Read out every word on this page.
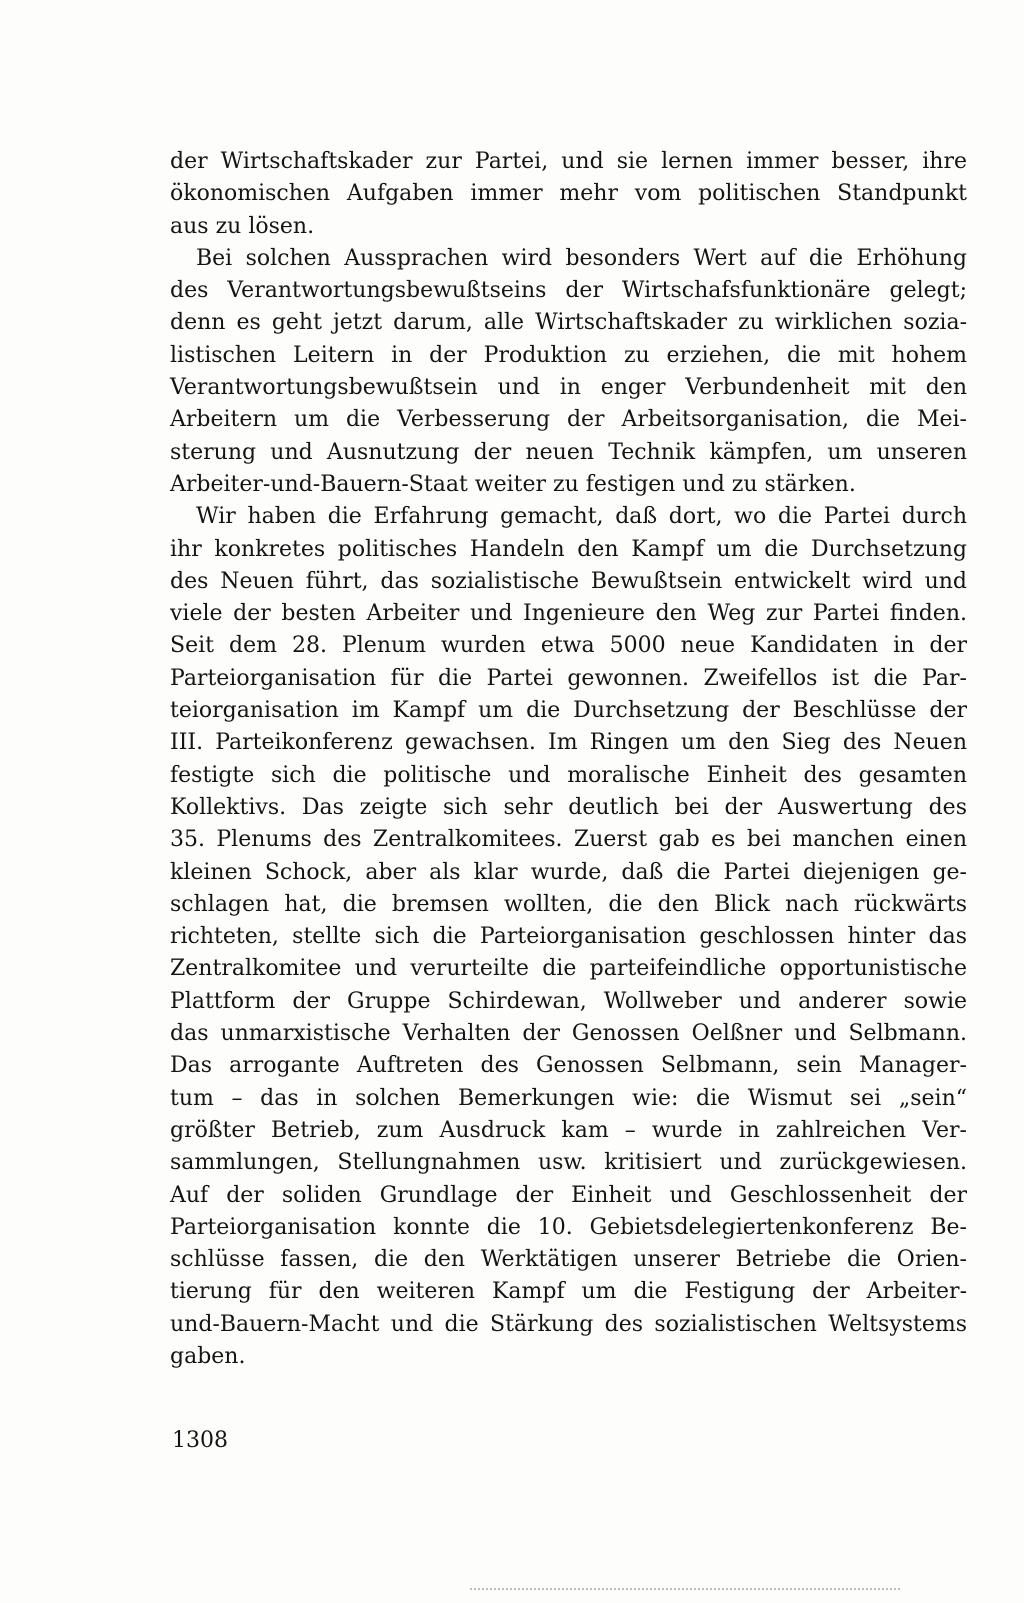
der Wirtschaftskader zur Partei, und sie lernen immer besser, ihre
ökonomischen Aufgaben immer mehr vom politischen Standpunkt
aus zu lösen.
Bei solchen Aussprachen wird besonders Wert auf die Erhöhung
des Verantwortungsbewußtseins der Wirtschafsfunktionäre gelegt;
denn es geht jetzt darum, alle Wirtschaftskader zu wirklichen sozia-
listischen Leitern in der Produktion zu erziehen, die mit hohem
Verantwortungsbewußtsein und in enger Verbundenheit mit den
Arbeitern um die Verbesserung der Arbeitsorganisation, die Mei-
sterung und Ausnutzung der neuen Technik kämpfen, um unseren
Arbeiter-und-Bauern-Staat weiter zu festigen und zu stärken.
Wir haben die Erfahrung gemacht, daß dort, wo die Partei durch
ihr konkretes politisches Handeln den Kampf um die Durchsetzung
des Neuen führt, das sozialistische Bewußtsein entwickelt wird und
viele der besten Arbeiter und Ingenieure den Weg zur Partei finden.
Seit dem 28. Plenum wurden etwa 5000 neue Kandidaten in der
Parteiorganisation für die Partei gewonnen. Zweifellos ist die Par-
teiorganisation im Kampf um die Durchsetzung der Beschlüsse der
III. Parteikonferenz gewachsen. Im Ringen um den Sieg des Neuen
festigte sich die politische und moralische Einheit des gesamten
Kollektivs. Das zeigte sich sehr deutlich bei der Auswertung des
35. Plenums des Zentralkomitees. Zuerst gab es bei manchen einen
kleinen Schock, aber als klar wurde, daß die Partei diejenigen ge-
schlagen hat, die bremsen wollten, die den Blick nach rückwärts
richteten, stellte sich die Parteiorganisation geschlossen hinter das
Zentralkomitee und verurteilte die parteifeindliche opportunistische
Plattform der Gruppe Schirdewan, Wollweber und anderer sowie
das unmarxistische Verhalten der Genossen Oelßner und Selbmann.
Das arrogante Auftreten des Genossen Selbmann, sein Manager-
tum – das in solchen Bemerkungen wie: die Wismut sei „sein“
größter Betrieb, zum Ausdruck kam – wurde in zahlreichen Ver-
sammlungen, Stellungnahmen usw. kritisiert und zurückgewiesen.
Auf der soliden Grundlage der Einheit und Geschlossenheit der
Parteiorganisation konnte die 10. Gebietsdelegiertenkonferenz Be-
schlüsse fassen, die den Werktätigen unserer Betriebe die Orien-
tierung für den weiteren Kampf um die Festigung der Arbeiter-
und-Bauern-Macht und die Stärkung des sozialistischen Weltsystems
gaben.
1308
